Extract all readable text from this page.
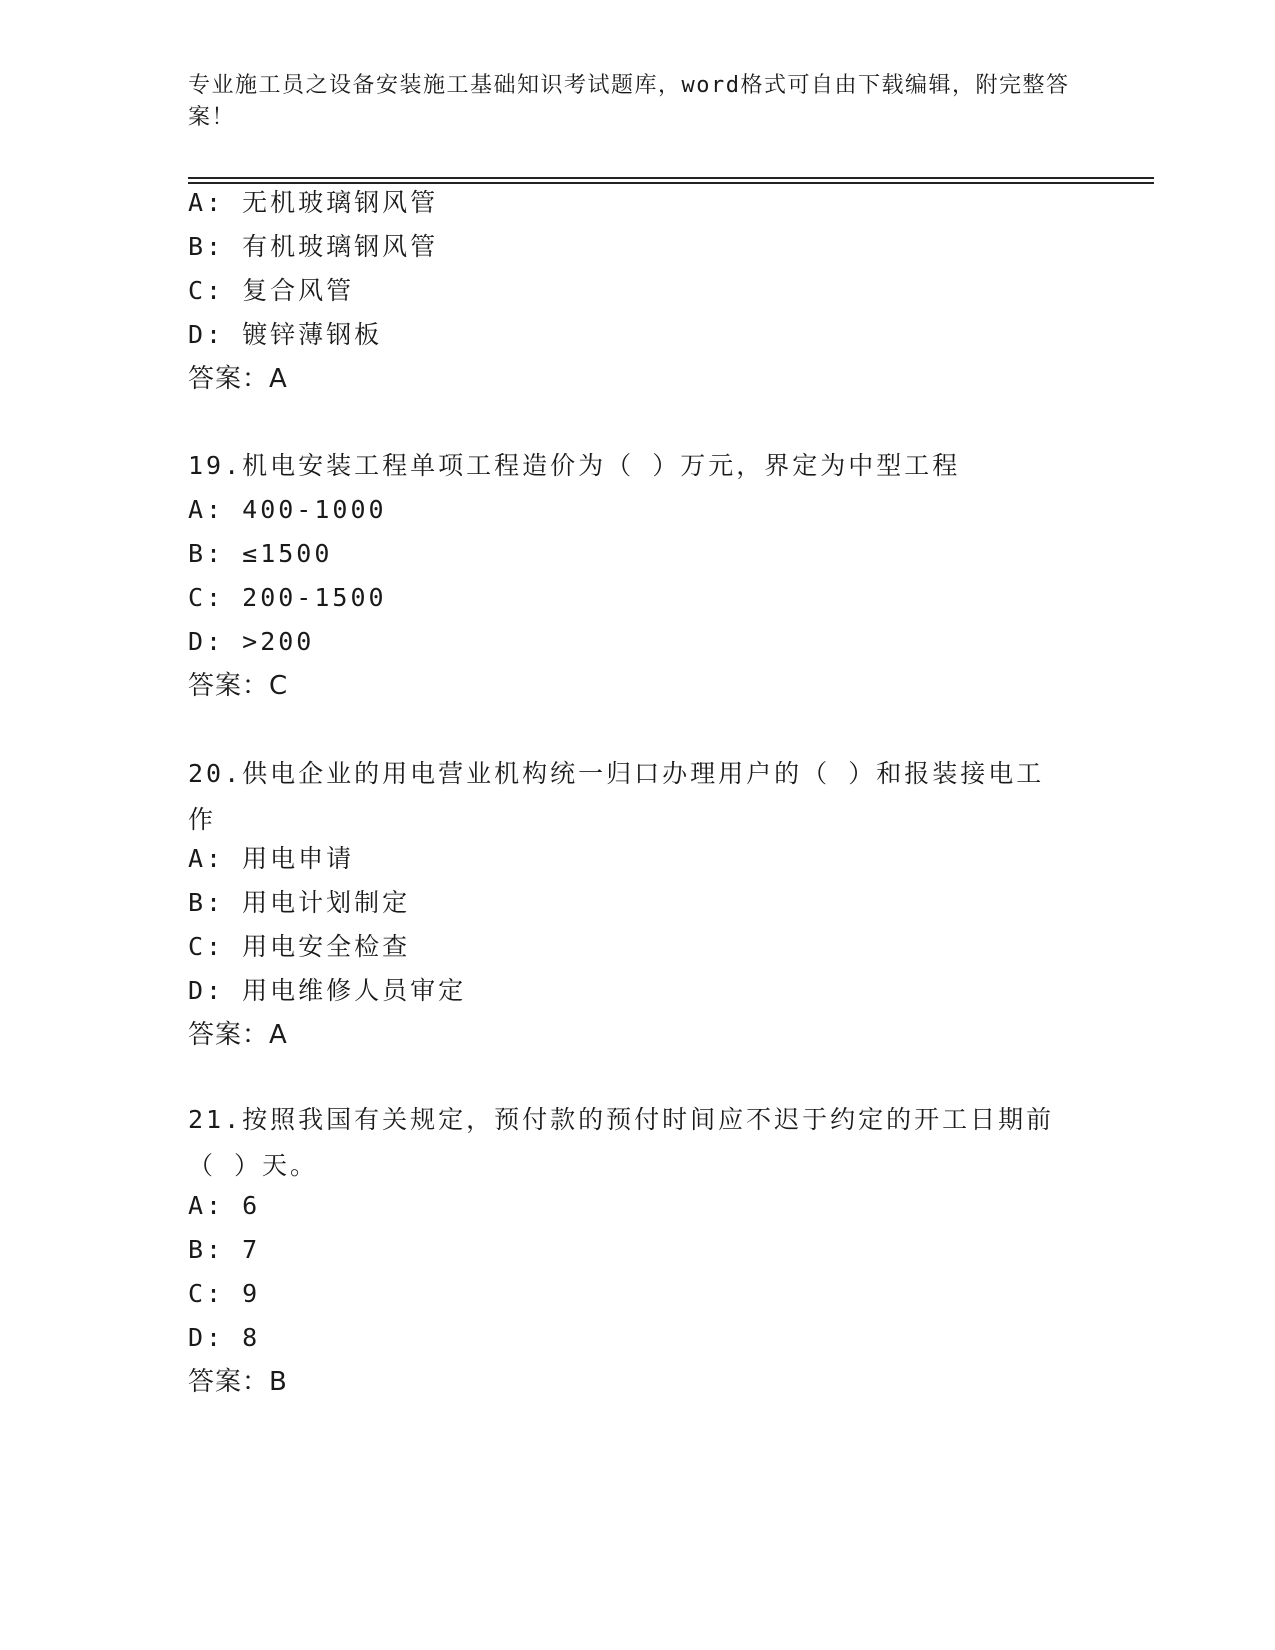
专业施工员之设备安装施工基础知识考试题库，word格式可自由下载编辑，附完整答案！
A: 无机玻璃钢风管
B: 有机玻璃钢风管
C: 复合风管
D: 镀锌薄钢板
答案：A
19.机电安装工程单项工程造价为（ ）万元，界定为中型工程
A: 400-1000
B: ≤1500
C: 200-1500
D: >200
答案：C
20.供电企业的用电营业机构统一归口办理用户的（ ）和报装接电工作
A: 用电申请
B: 用电计划制定
C: 用电安全检查
D: 用电维修人员审定
答案：A
21.按照我国有关规定，预付款的预付时间应不迟于约定的开工日期前（ ）天。
A: 6
B: 7
C: 9
D: 8
答案：B
